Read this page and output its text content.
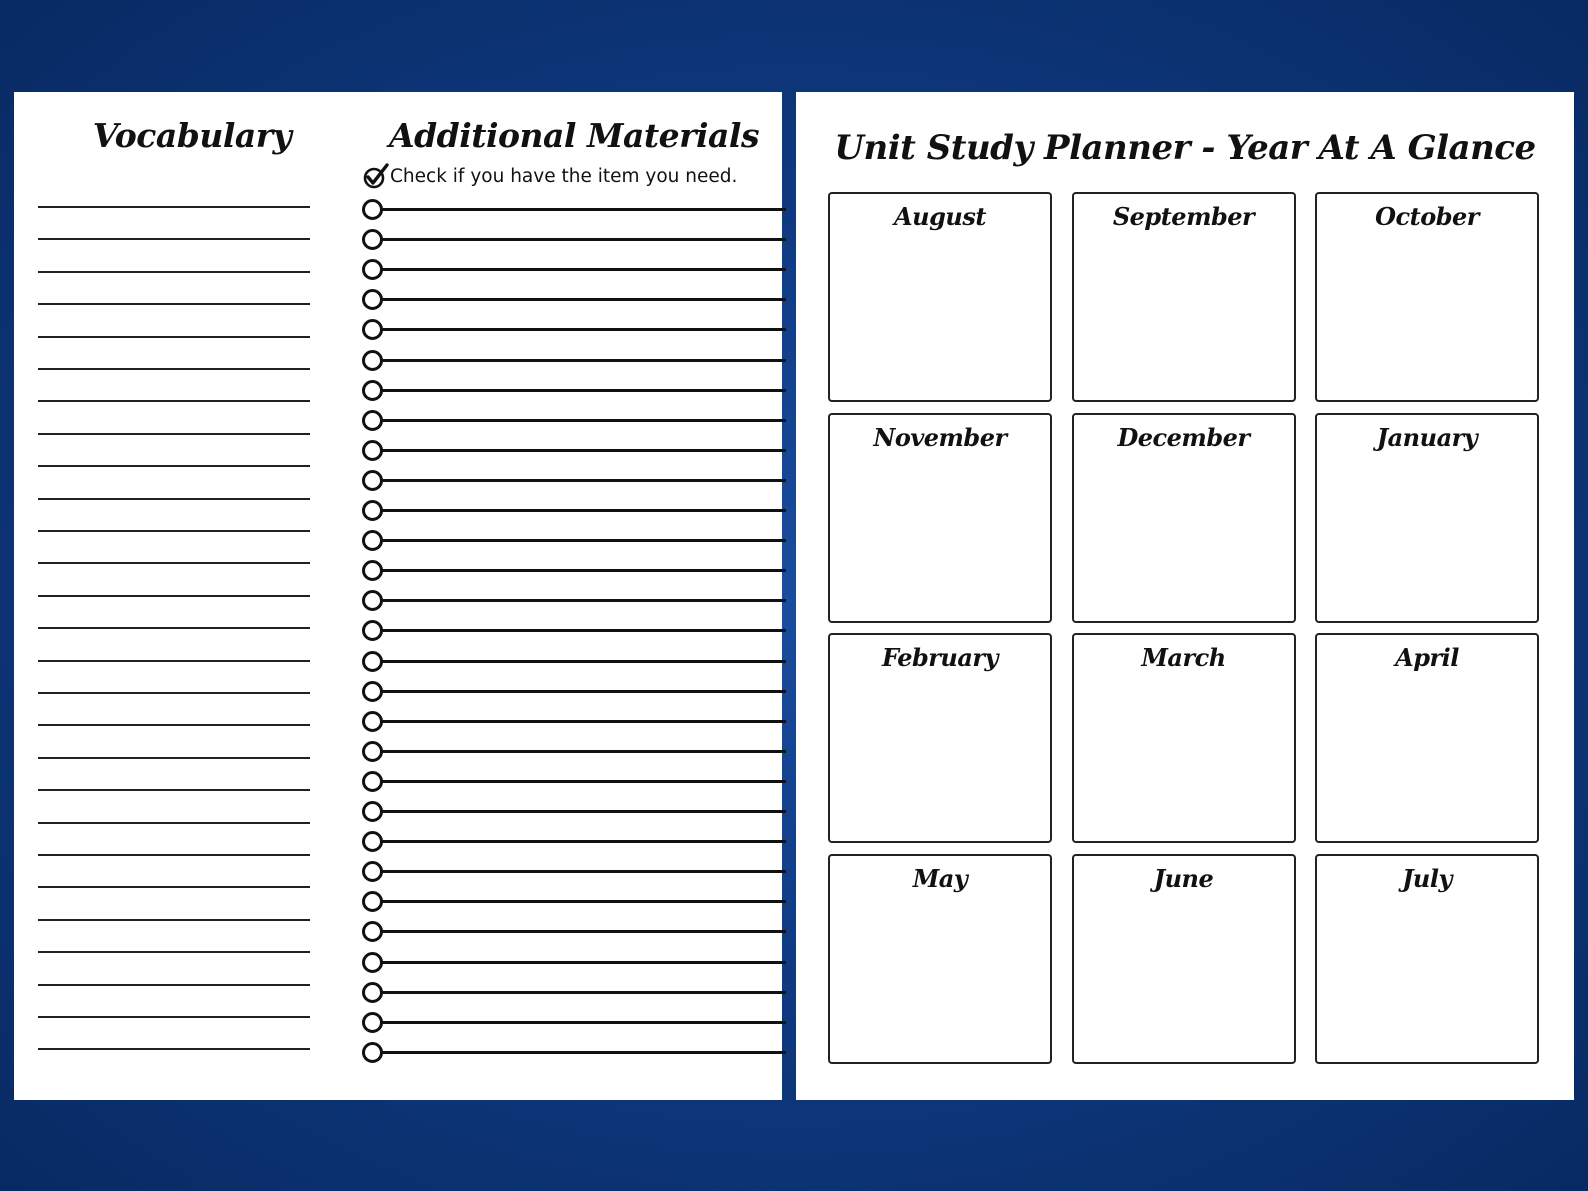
Vocabulary	Additional Materials
Check if you have the item you need.
Unit Study Planner - Year At A Glance
August	September	October
November	December	January
February	March	April
May	June	July
